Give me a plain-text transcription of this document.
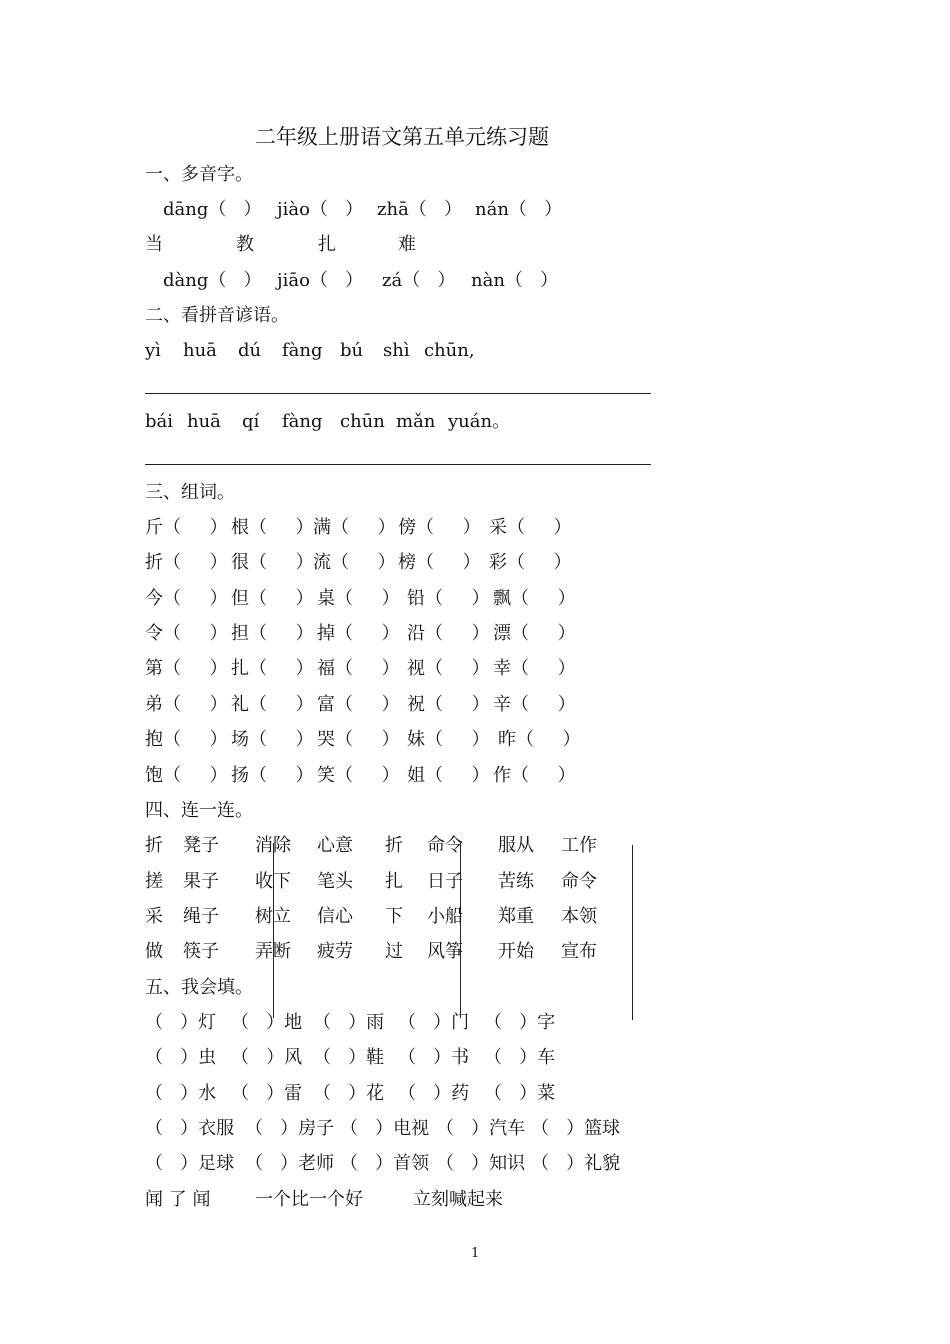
二年级上册语文第五单元练习题
一、多音字。
dāng（   ） jiào（   ） zhā（   ） nán（   ）
当	教	扎	难
dàng（   ） jiāo（   ） zá（   ） nàn（   ）
二、看拼音谚语。
yì huā dú fàng bú shì chūn,
bái huā qí fàng chūn mǎn yuán。
三、组词。
斤（     ） 根（     ） 满（     ） 傍（     ） 采（     ）
折（     ） 很（     ） 流（     ） 榜（     ） 彩（     ）
今（     ） 但（     ） 桌（     ） 铅（     ） 飘（     ）
令（     ） 担（     ） 掉（     ） 沿（     ） 漂（     ）
第（     ） 扎（     ） 福（     ） 视（     ） 幸（     ）
弟（     ） 礼（     ） 富（     ） 祝（     ） 辛（     ）
抱（     ） 场（     ） 哭（     ） 妹（     ） 昨（     ）
饱（     ） 扬（     ） 笑（     ） 姐（     ） 作（     ）
四、连一连。
折 凳子 消除 心意 折 命令 服从 工作
搓 果子 收下 笔头 扎 日子 苦练 命令
采 绳子 树立 信心 下 小船 郑重 本领
做 筷子 弄断 疲劳 过 风筝 开始 宣布
五、我会填。
（   ）灯 （   ）地 （   ）雨 （   ）门 （   ）字
（   ）虫 （   ）风 （   ）鞋 （   ）书 （   ）车
（   ）水 （   ）雷 （   ）花 （   ）药 （   ）菜
（   ）衣服 （   ）房子 （   ）电视 （   ）汽车 （   ）篮球
（   ）足球 （   ）老师 （   ）首领 （   ）知识 （   ）礼貌
闻 了 闻 一个比一个好	立刻喊起来
1
